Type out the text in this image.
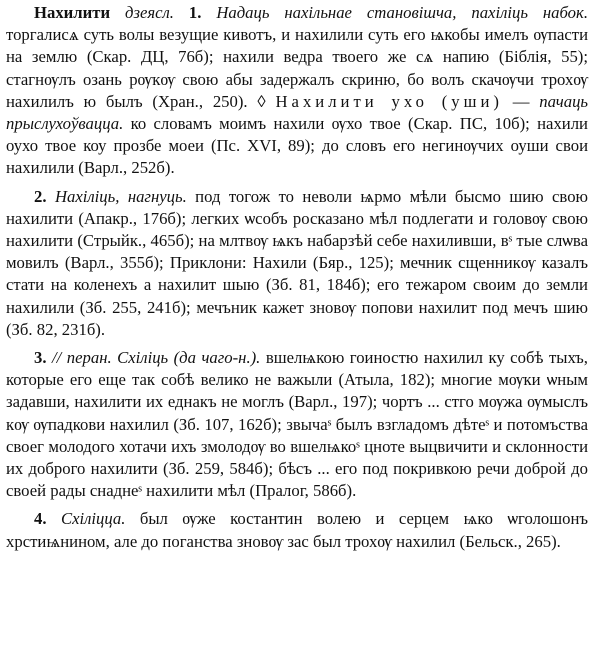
Нахилити дзеясл. 1. Надаць нахільнае становішча, пахіліць набок. торгалисѧ суть волы везущие кивотъ, и нахилили суть его ѩкобы имелъ ѹпасти на землю (Скар. ДЦ, 76б); нахили ведра твоего же сѧ напию (Біблія, 55); стагнѹлъ озань рѹкѹ свою абы задержалъ скриню, бо волъ скачѹчи трохѹ нахилилъ ю былъ (Хран., 250). ◊ Нахилити ухо (уши) — пачаць прыслухоўвацца. ко словамъ моимъ нахили ѹхо твое (Скар. ПС, 10б); нахили оухо твое коу прозбе моеи (Пс. XVI, 89); до словъ его негинѹчих оуши свои нахилили (Варл., 252б).

2. Нахіліць, нагнуць. под тогож то неволи ѩрмо мѣли бысмо шию свою нахилити (Апакр., 176б); легких ѡсобъ росказано мѣл подлегати и головѹ свою нахилити (Стрыйк., 465б); на млтвѹ ѩкъ набарзѣй себе нахиливши, вˢ тые слѡва мовилъ (Варл., 355б); Приклони: Нахили (Бяр., 125); мечник сщенникѹ казалъ стати на коленехъ а нахилит шыю (Зб. 81, 184б); его тежаром своим до земли нахилили (Зб. 255, 241б); мечъник кажет зновѹ попови нахилит под мечъ шию (Зб. 82, 231б).

3. // перан. Схіліць (да чаго-н.). вшелѩкою гоиностю нахилил ку собѣ тыхъ, которые его еще так собѣ велико не важыли (Атыла, 182); многие мѹки ѡным задавши, нахилити их еднакъ не моглъ (Варл., 197); чортъ ... стго мѹжа ѹмыслъ кѹ ѹпадкови нахилил (Зб. 107, 162б); звычаˢ былъ взгладомъ дѣтеˢ и потомъства своег молодого хотачи ихъ змолодѹ во вшелѩкоˢ цноте выцвичити и склонности их доброго нахилити (Зб. 259, 584б); бѣсъ ... его под покривкою речи доброй до своей рады снаднеˢ нахилити мѣл (Пралог, 586б).

4. Схіліцца. был ѹже костантин волею и серцем ѩко ѡголошонъ хрстиѩнином, але до поганства зновѹ зас был трохѹ нахилил (Бельск., 265).
